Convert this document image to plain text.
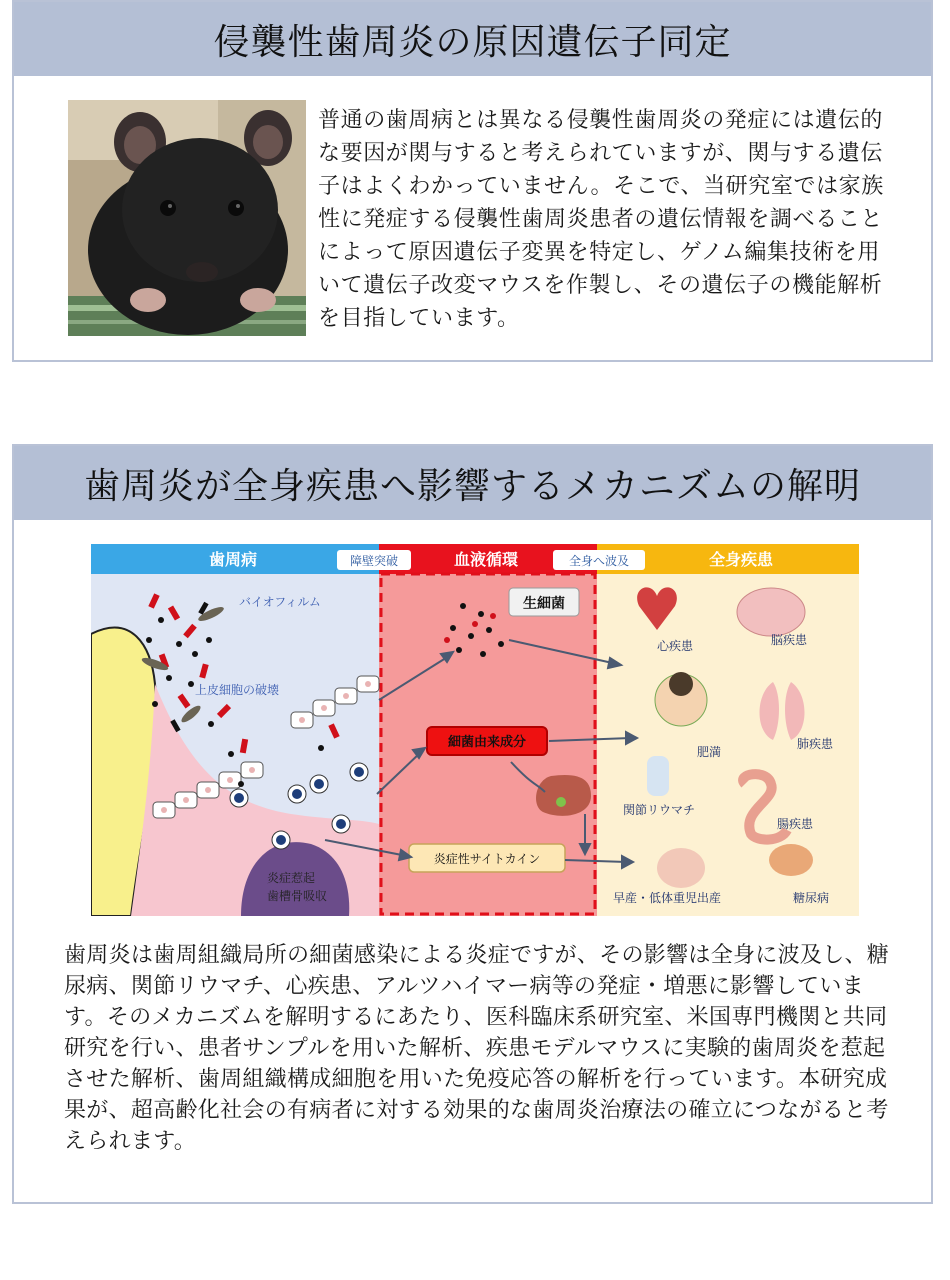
侵襲性歯周炎の原因遺伝子同定
普通の歯周病とは異なる侵襲性歯周炎の発症には遺伝的な要因が関与すると考えられていますが、関与する遺伝子はよくわかっていません。そこで、当研究室では家族性に発症する侵襲性歯周炎患者の遺伝情報を調べることによって原因遺伝子変異を特定し、ゲノム編集技術を用いて遺伝子改変マウスを作製し、その遺伝子の機能解析を目指しています。
歯周炎が全身疾患へ影響するメカニズムの解明
歯周病	障壁突破	血液循環	全身へ波及	全身疾患
バイオフィルム
上皮細胞の破壊
炎症惹起
歯槽骨吸収
生細菌
細菌由来成分
炎症性サイトカイン
心疾患	脳疾患
肥満
肺疾患
関節リウマチ
腸疾患
早産・低体重児出産	糖尿病
歯周炎は歯周組織局所の細菌感染による炎症ですが、その影響は全身に波及し、糖尿病、関節リウマチ、心疾患、アルツハイマー病等の発症・増悪に影響しています。そのメカニズムを解明するにあたり、医科臨床系研究室、米国専門機関と共同研究を行い、患者サンプルを用いた解析、疾患モデルマウスに実験的歯周炎を惹起させた解析、歯周組織構成細胞を用いた免疫応答の解析を行っています。本研究成果が、超高齢化社会の有病者に対する効果的な歯周炎治療法の確立につながると考えられます。
